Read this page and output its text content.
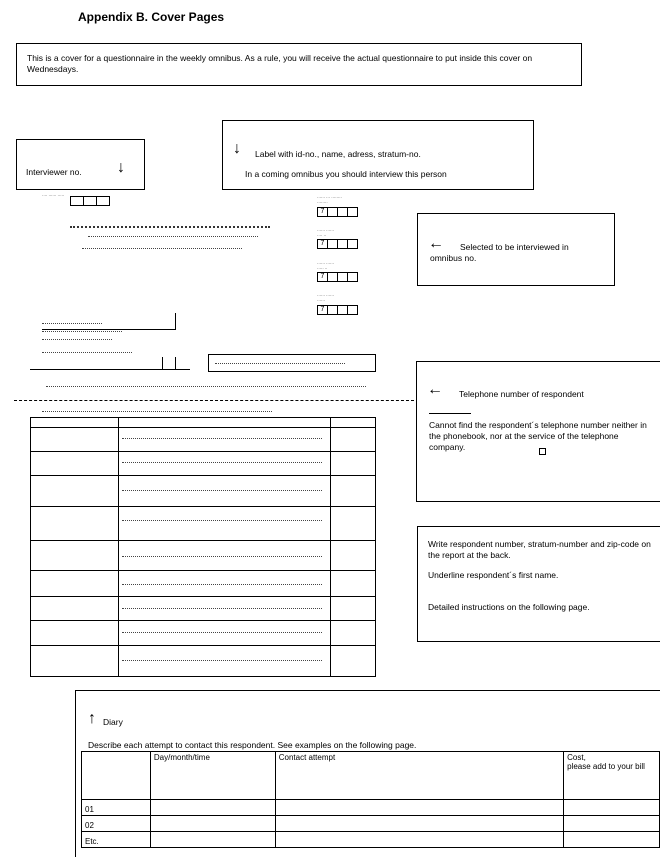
Appendix B. Cover Pages
This is a cover for a questionnaire in the weekly omnibus. As a rule, you will receive the actual questionnaire to put inside this cover on Wednesdays.
Interviewer no. ↓
↓ Label with id-no., name, adress, stratum-no.
In a coming omnibus you should interview this person
←	Selected to be interviewed in omnibus no.
← Telephone number of respondent
Cannot find the respondent´s telephone number neither in the phonebook, nor at the service of the telephone company.
Write respondent number, stratum-number and zip-code on the report at the back.
Underline respondent´s first name.
Detailed instructions on the following page.
···· ······ ·····	······ ··· ········
········
7
······ ······
···· ··
7
······ ······
····· ··
7
······ ······
······
7
↑ Diary
Describe each attempt to contact this respondent. See examples on the following page.
	Day/month/time	Contact attempt	Cost,
please add to your bill

01			
02			
Etc.			
